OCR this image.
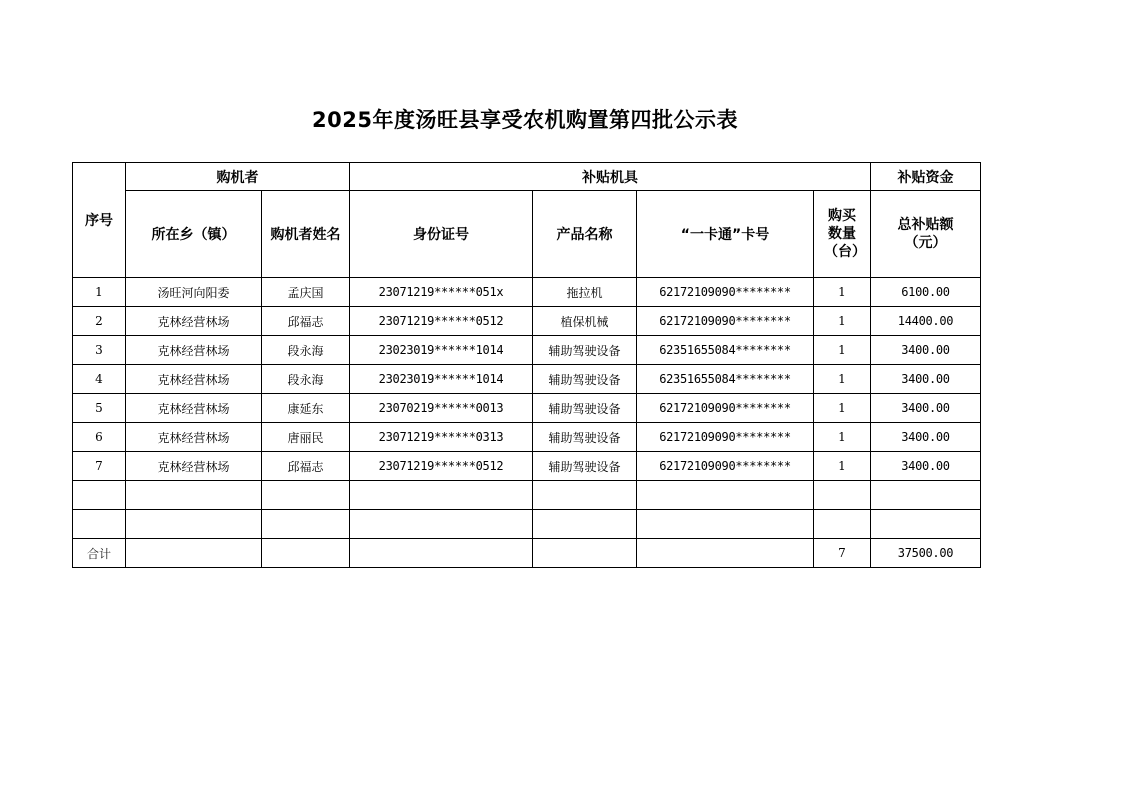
2025年度汤旺县享受农机购置第四批公示表
序号	购机者		补贴机具				补贴资金
	所在乡（镇）	购机者姓名	身份证号	产品名称	“一卡通”卡号	购买数量（台）	总补贴额（元）
1	汤旺河向阳委	孟庆国	23071219******051x	拖拉机	62172109090********	1	6100.00
2	克林经营林场	邱福志	23071219******0512	植保机械	62172109090********	1	14400.00
3	克林经营林场	段永海	23023019******1014	辅助驾驶设备	62351655084********	1	3400.00
4	克林经营林场	段永海	23023019******1014	辅助驾驶设备	62351655084********	1	3400.00
5	克林经营林场	康延东	23070219******0013	辅助驾驶设备	62172109090********	1	3400.00
6	克林经营林场	唐丽民	23071219******0313	辅助驾驶设备	62172109090********	1	3400.00
7	克林经营林场	邱福志	23071219******0512	辅助驾驶设备	62172109090********	1	3400.00

合计						7	37500.00
